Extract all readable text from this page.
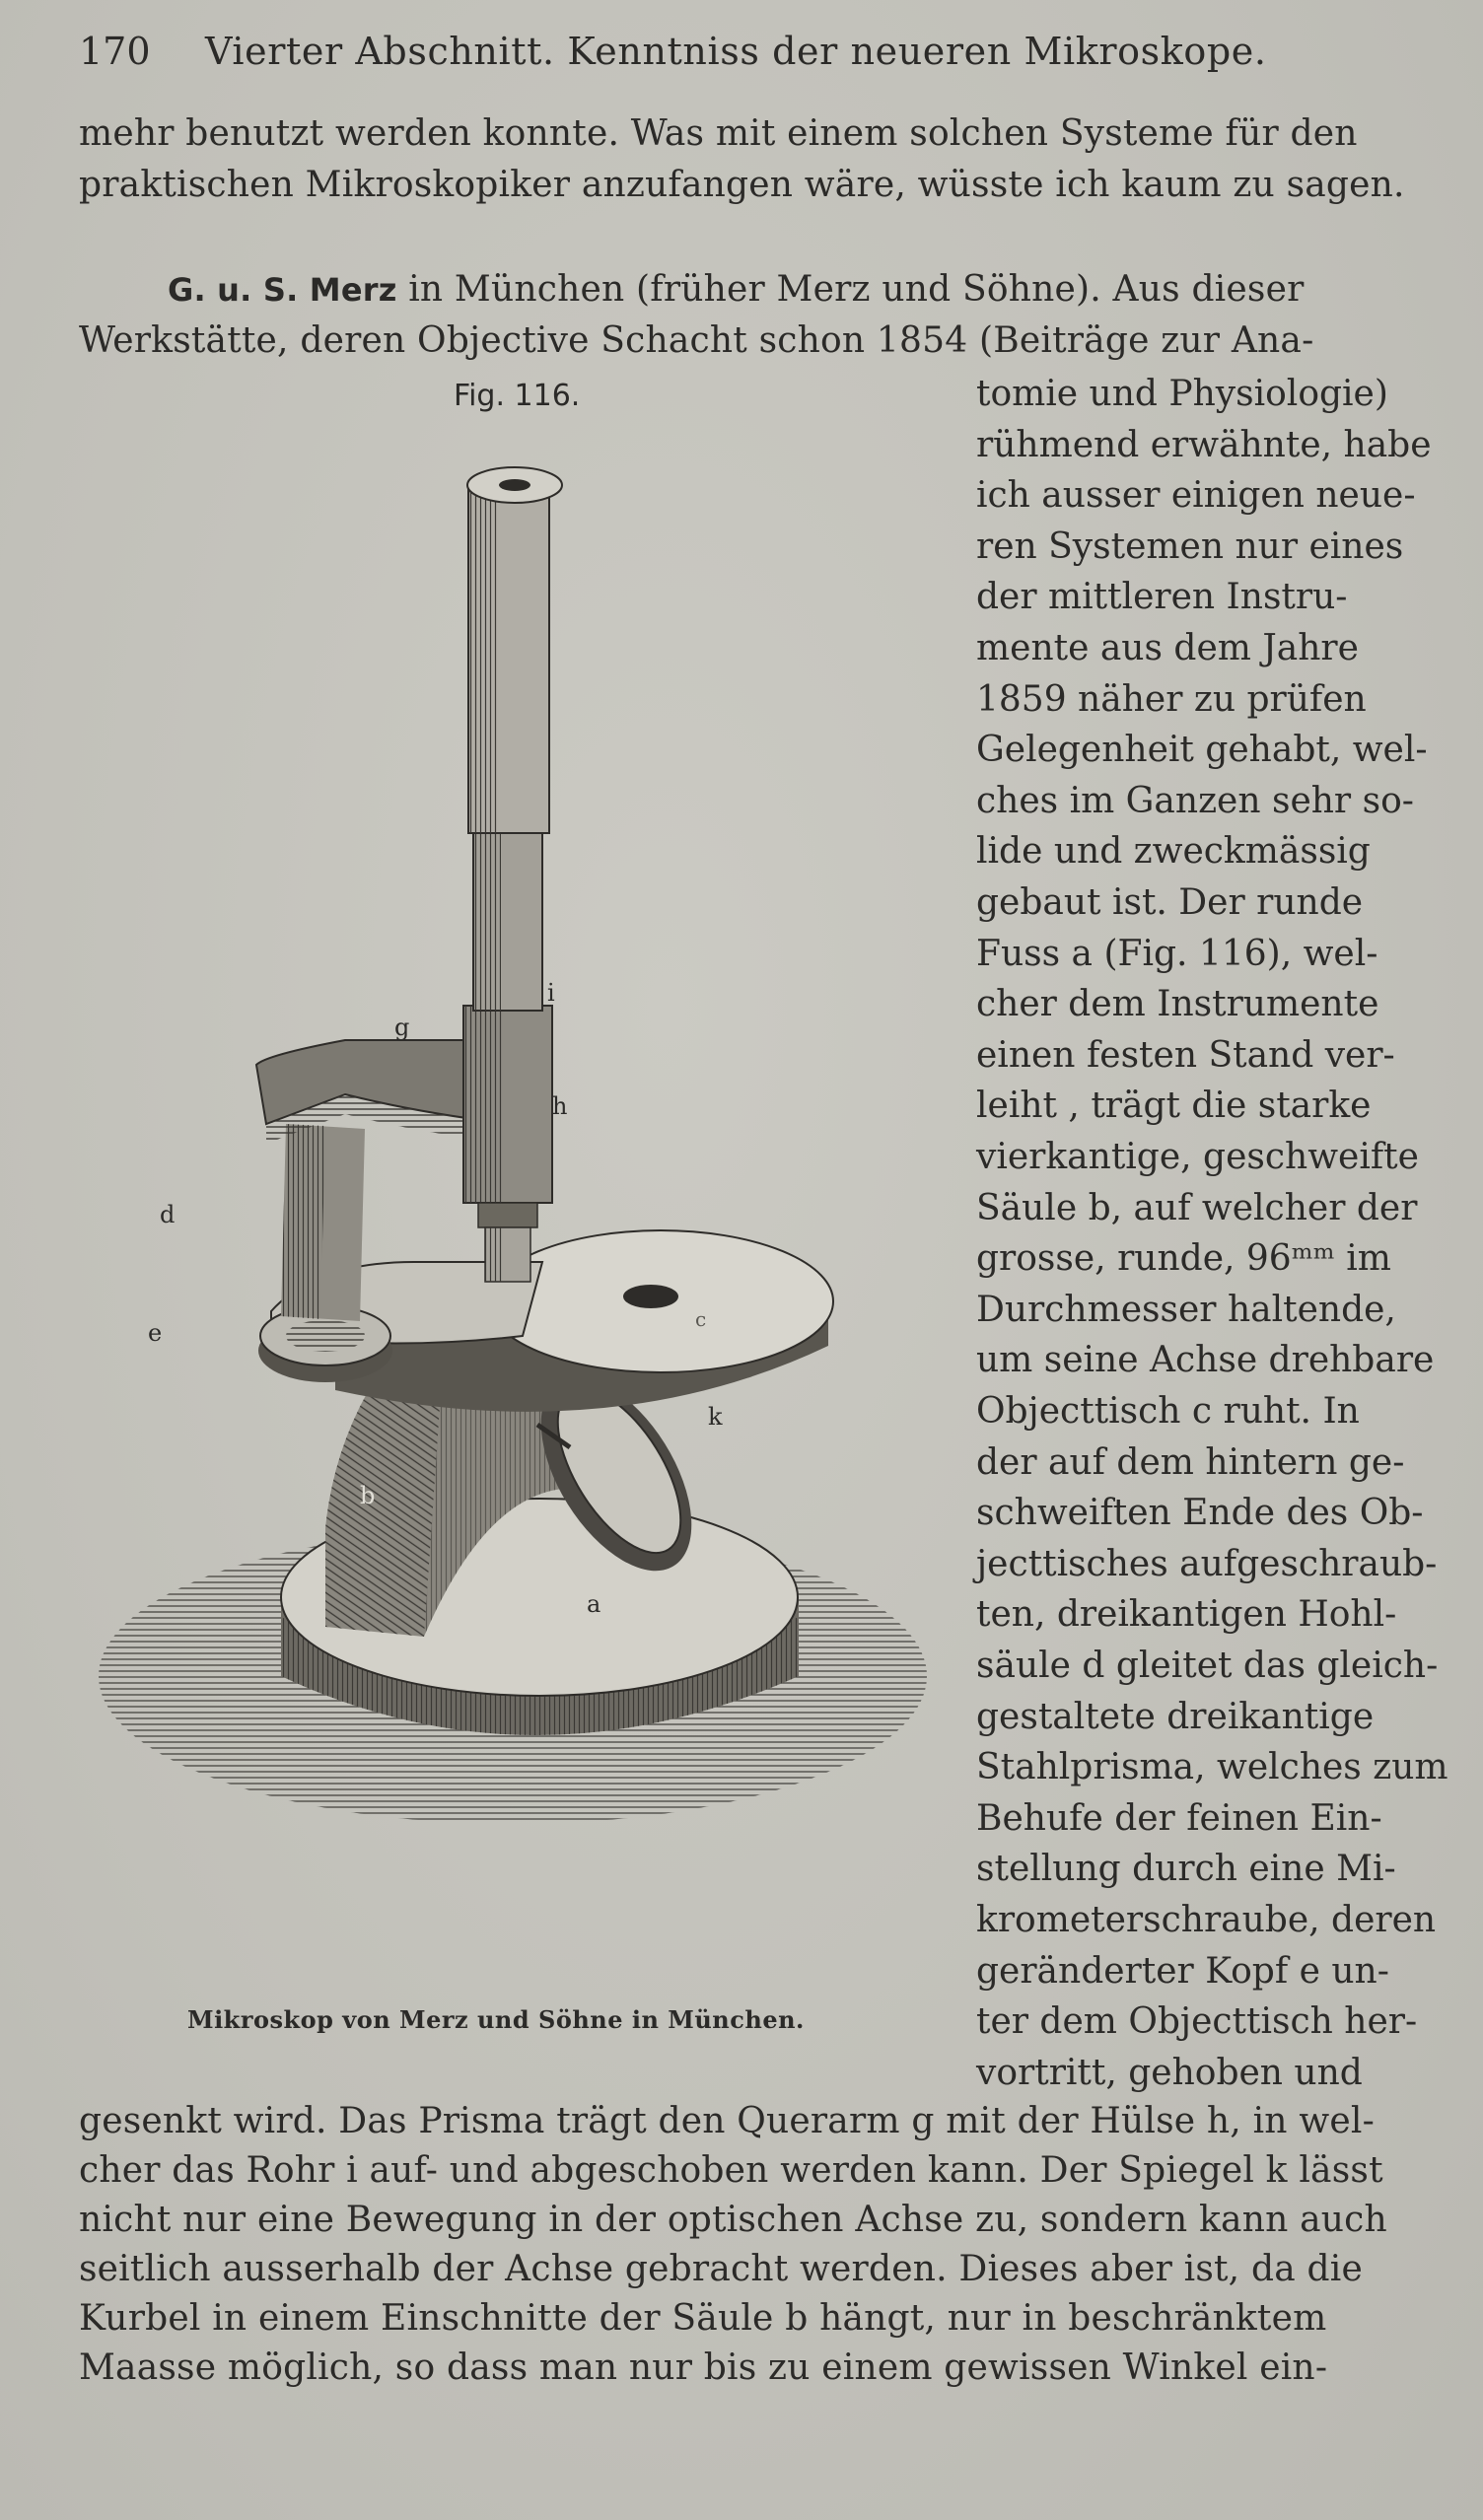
170 Vierter Abschnitt. Kenntniss der neueren Mikroskope.
mehr benutzt werden konnte. Was mit einem solchen Systeme für den
praktischen Mikroskopiker anzufangen wäre, wüsste ich kaum zu sagen.
G. u. S. Merz in München (früher Merz und Söhne). Aus dieser
Werkstätte, deren Objective Schacht schon 1854 (Beiträge zur Ana-
Fig. 116.
i
g
h
d
e
k
b
a
c
Mikroskop von Merz und Söhne in München.
tomie und Physiologie)
rühmend erwähnte, habe
ich ausser einigen neue-
ren Systemen nur eines
der mittleren Instru-
mente aus dem Jahre
1859 näher zu prüfen
Gelegenheit gehabt, wel-
ches im Ganzen sehr so-
lide und zweckmässig
gebaut ist. Der runde
Fuss a (Fig. 116), wel-
cher dem Instrumente
einen festen Stand ver-
leiht , trägt die starke
vierkantige, geschweifte
Säule b, auf welcher der
grosse, runde, 96ᵐᵐ im
Durchmesser haltende,
um seine Achse drehbare
Objecttisch c ruht. In
der auf dem hintern ge-
schweiften Ende des Ob-
jecttisches aufgeschraub-
ten, dreikantigen Hohl-
säule d gleitet das gleich-
gestaltete dreikantige
Stahlprisma, welches zum
Behufe der feinen Ein-
stellung durch eine Mi-
krometerschraube, deren
geränderter Kopf e un-
ter dem Objecttisch her-
vortritt, gehoben und
gesenkt wird. Das Prisma trägt den Querarm g mit der Hülse h, in wel-
cher das Rohr i auf- und abgeschoben werden kann. Der Spiegel k lässt
nicht nur eine Bewegung in der optischen Achse zu, sondern kann auch
seitlich ausserhalb der Achse gebracht werden. Dieses aber ist, da die
Kurbel in einem Einschnitte der Säule b hängt, nur in beschränktem
Maasse möglich, so dass man nur bis zu einem gewissen Winkel ein-
